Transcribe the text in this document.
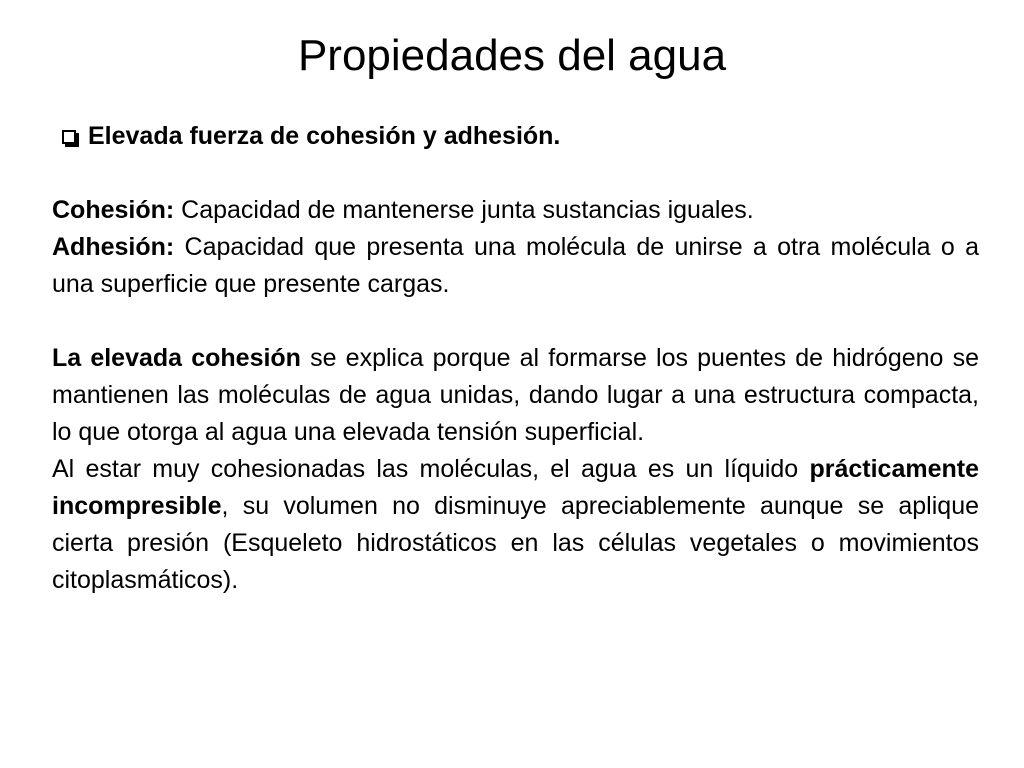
Propiedades del agua
Elevada fuerza de cohesión y adhesión.

Cohesión: Capacidad de mantenerse junta sustancias iguales.

Adhesión: Capacidad que presenta una molécula de unirse a otra molécula o a una superficie que presente cargas.

La elevada cohesión se explica porque al formarse los puentes de hidrógeno se mantienen las moléculas de agua unidas, dando lugar a una estructura compacta, lo que otorga al agua una elevada tensión superficial.

Al estar muy cohesionadas las moléculas, el agua es un líquido prácticamente incompresible, su volumen no disminuye apreciablemente aunque se aplique cierta presión (Esqueleto hidrostáticos en las células vegetales o movimientos citoplasmáticos).
